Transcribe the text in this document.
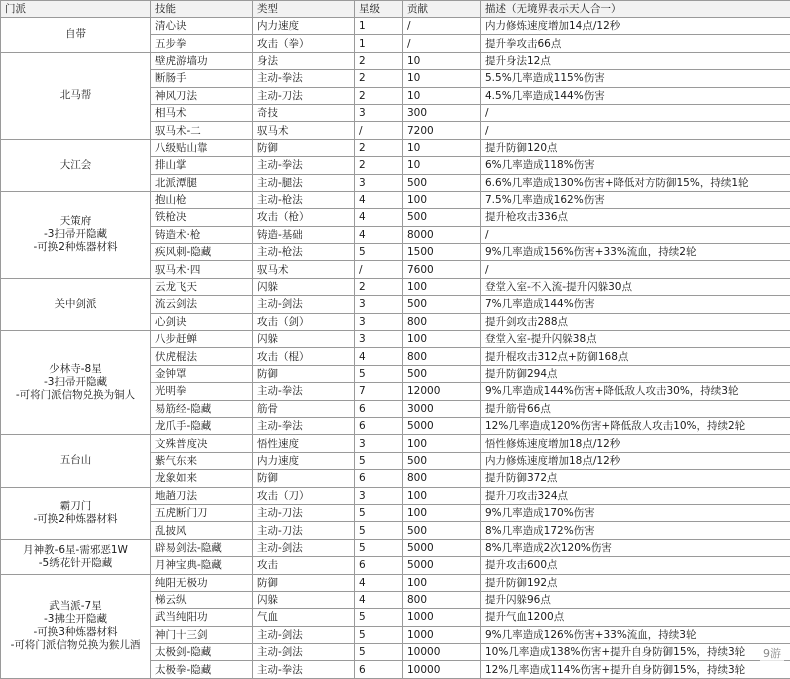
门派	技能	类型	星级	贡献	描述（无境界表示天人合一）

自带	清心诀	内力速度	1	/	内力修炼速度增加14点/12秒
	五步拳	攻击（拳）	1	/	提升拳攻击66点

北马帮	壁虎游墙功	身法	2	10	提升身法12点
	断肠手	主动-拳法	2	10	5.5%几率造成115%伤害
	神风刀法	主动-刀法	2	10	4.5%几率造成144%伤害
	相马术	奇技	3	300	/
	驭马术-二	驭马术	/	7200	/

大江会	八级贴山靠	防御	2	10	提升防御120点
	排山掌	主动-拳法	2	10	6%几率造成118%伤害
	北派潭腿	主动-腿法	3	500	6.6%几率造成130%伤害+降低对方防御15%，持续1轮

天策府
-3扫帚开隐藏
-可换2种炼器材料	抱山枪	主动-枪法	4	100	7.5%几率造成162%伤害
	铁枪决	攻击（枪）	4	500	提升枪攻击336点
	铸造术·枪	铸造-基础	4	8000	/
	疾风刺-隐藏	主动-枪法	5	1500	9%几率造成156%伤害+33%流血，持续2轮
	驭马术·四	驭马术	/	7600	/

关中剑派	云龙飞天	闪躲	2	100	登堂入室-不入流-提升闪躲30点
	流云剑法	主动-剑法	3	500	7%几率造成144%伤害
	心剑诀	攻击（剑）	3	800	提升剑攻击288点

少林寺-8星
-3扫帚开隐藏
-可将门派信物兑换为铜人	八步赶蝉	闪躲	3	100	登堂入室-提升闪躲38点
	伏虎棍法	攻击（棍）	4	800	提升棍攻击312点+防御168点
	金钟罩	防御	5	500	提升防御294点
	光明拳	主动-拳法	7	12000	9%几率造成144%伤害+降低敌人攻击30%，持续3轮
	易筋经-隐藏	筋骨	6	3000	提升筋骨66点
	龙爪手-隐藏	主动-拳法	6	5000	12%几率造成120%伤害+降低敌人攻击10%，持续2轮

五台山	文殊普度决	悟性速度	3	100	悟性修炼速度增加18点/12秒
	紫气东来	内力速度	5	500	内力修炼速度增加18点/12秒
	龙象如来	防御	6	800	提升防御372点

霸刀门
-可换2种炼器材料	地趟刀法	攻击（刀）	3	100	提升刀攻击324点
	五虎断门刀	主动-刀法	5	100	9%几率造成170%伤害
	乱披风	主动-刀法	5	500	8%几率造成172%伤害

月神教-6星-需邪恶1W
-5绣花针开隐藏	辟易剑法-隐藏	主动-剑法	5	5000	8%几率造成2次120%伤害
	月神宝典-隐藏	攻击	6	5000	提升攻击600点

武当派-7星
-3拂尘开隐藏
-可换3种炼器材料
-可将门派信物兑换为猴儿酒	纯阳无极功	防御	4	100	提升防御192点
	梯云纵	闪躲	4	800	提升闪躲96点
	武当纯阳功	气血	5	1000	提升气血1200点
	神门十三剑	主动-剑法	5	1000	9%几率造成126%伤害+33%流血，持续3轮
	太极剑-隐藏	主动-剑法	5	10000	10%几率造成138%伤害+提升自身防御15%，持续3轮
	太极拳-隐藏	主动-拳法	6	10000	12%几率造成114%伤害+提升自身防御15%，持续3轮
9游
